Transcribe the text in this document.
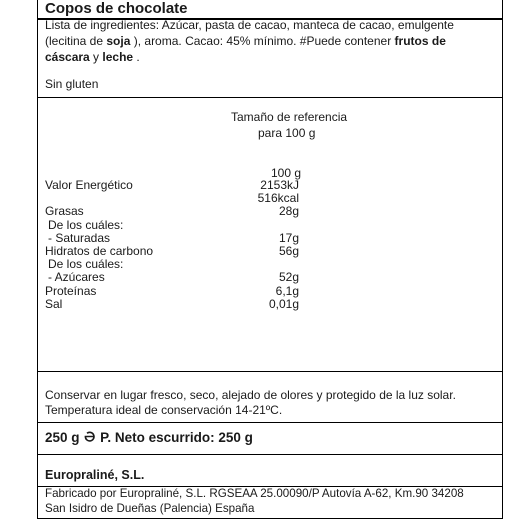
Copos de chocolate
Lista de ingredientes: Azúcar, pasta de cacao, manteca de cacao, emulgente (lecitina de soja ), aroma. Cacao: 45% mínimo. #Puede contener frutos de cáscara y leche .
Sin gluten
Tamaño de referencia
para 100 g
100 g
Valor Energético	2153kJ
516kcal
Grasas	28g
De los cuáles:
- Saturadas	17g
Hidratos de carbono	56g
De los cuáles:
- Azúcares	52g
Proteínas	6,1g
Sal	0,01g
Conservar en lugar fresco, seco, alejado de olores y protegido de la luz solar.
Temperatura ideal de conservación 14-21ºC.
250 g P. Neto escurrido: 250 g
Europraliné, S.L.
Fabricado por Europraliné, S.L. RGSEAA 25.00090/P Autovía A-62, Km.90 34208
San Isidro de Dueñas (Palencia) España
